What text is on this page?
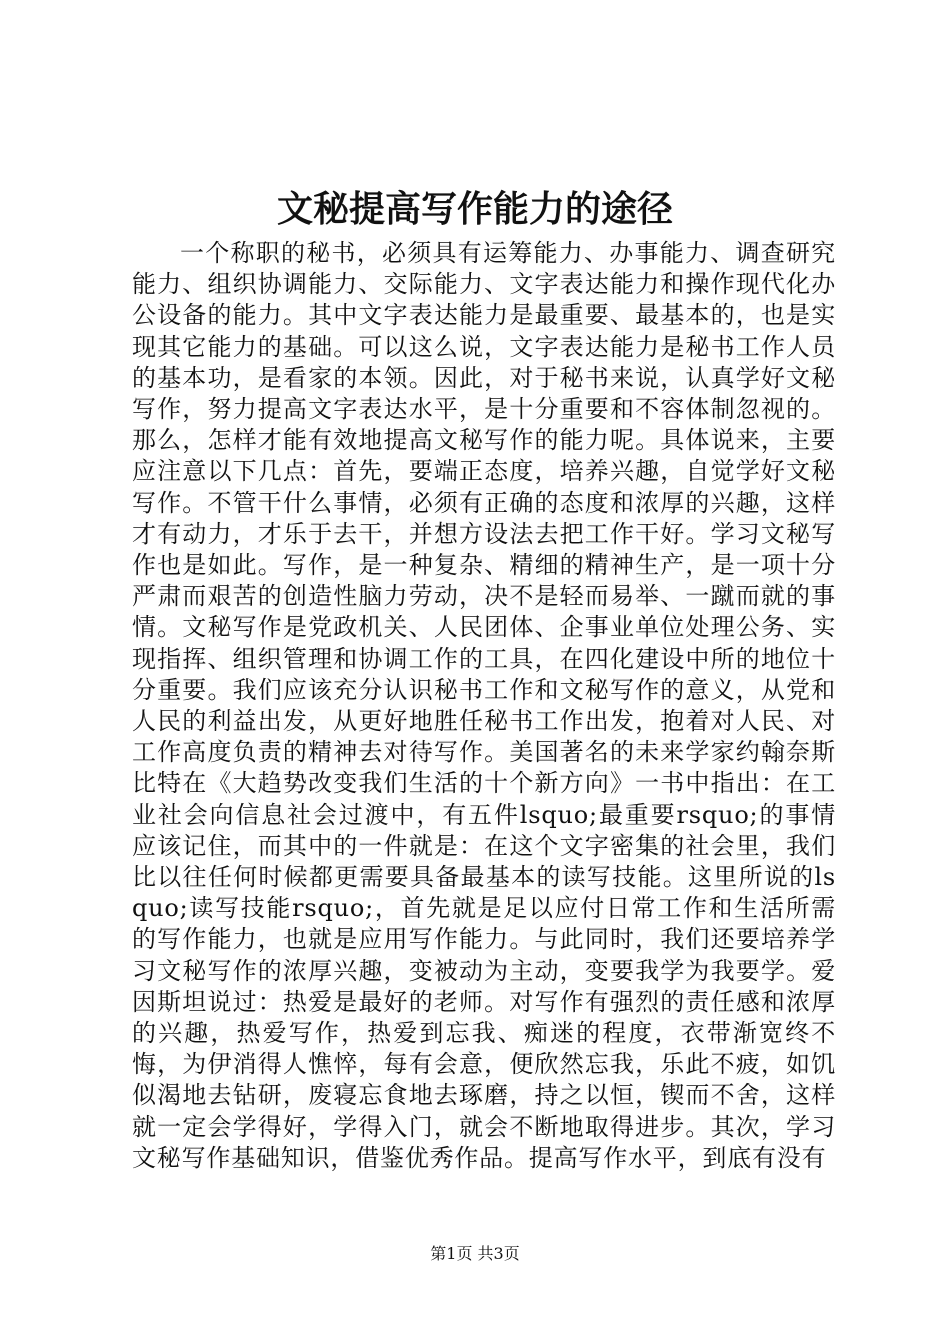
文秘提高写作能力的途径

一个称职的秘书，必须具有运筹能力、办事能力、调查研究能力、组织协调能力、交际能力、文字表达能力和操作现代化办公设备的能力。其中文字表达能力是最重要、最基本的，也是实现其它能力的基础。可以这么说，文字表达能力是秘书工作人员的基本功，是看家的本领。因此，对于秘书来说，认真学好文秘写作，努力提高文字表达水平，是十分重要和不容体制忽视的。那么，怎样才能有效地提高文秘写作的能力呢。具体说来，主要应注意以下几点：首先，要端正态度，培养兴趣，自觉学好文秘写作。不管干什么事情，必须有正确的态度和浓厚的兴趣，这样才有动力，才乐于去干，并想方设法去把工作干好。学习文秘写作也是如此。写作，是一种复杂、精细的精神生产，是一项十分严肃而艰苦的创造性脑力劳动，决不是轻而易举、一蹴而就的事情。文秘写作是党政机关、人民团体、企事业单位处理公务、实现指挥、组织管理和协调工作的工具，在四化建设中所的地位十分重要。我们应该充分认识秘书工作和文秘写作的意义，从党和人民的利益出发，从更好地胜任秘书工作出发，抱着对人民、对工作高度负责的精神去对待写作。美国著名的未来学家约翰奈斯比特在《大趋势改变我们生活的十个新方向》一书中指出：在工业社会向信息社会过渡中，有五件lsquo;最重要rsquo;的事情应该记住，而其中的一件就是：在这个文字密集的社会里，我们比以往任何时候都更需要具备最基本的读写技能。这里所说的lsquo;读写技能rsquo;，首先就是足以应付日常工作和生活所需的写作能力，也就是应用写作能力。与此同时，我们还要培养学习文秘写作的浓厚兴趣，变被动为主动，变要我学为我要学。爱因斯坦说过：热爱是最好的老师。对写作有强烈的责任感和浓厚的兴趣，热爱写作，热爱到忘我、痴迷的程度，衣带渐宽终不悔，为伊消得人憔悴，每有会意，便欣然忘我，乐此不疲，如饥似渴地去钻研，废寝忘食地去琢磨，持之以恒，锲而不舍，这样就一定会学得好，学得入门，就会不断地取得进步。其次，学习文秘写作基础知识，借鉴优秀作品。提高写作水平，到底有没有

第1页 共3页
